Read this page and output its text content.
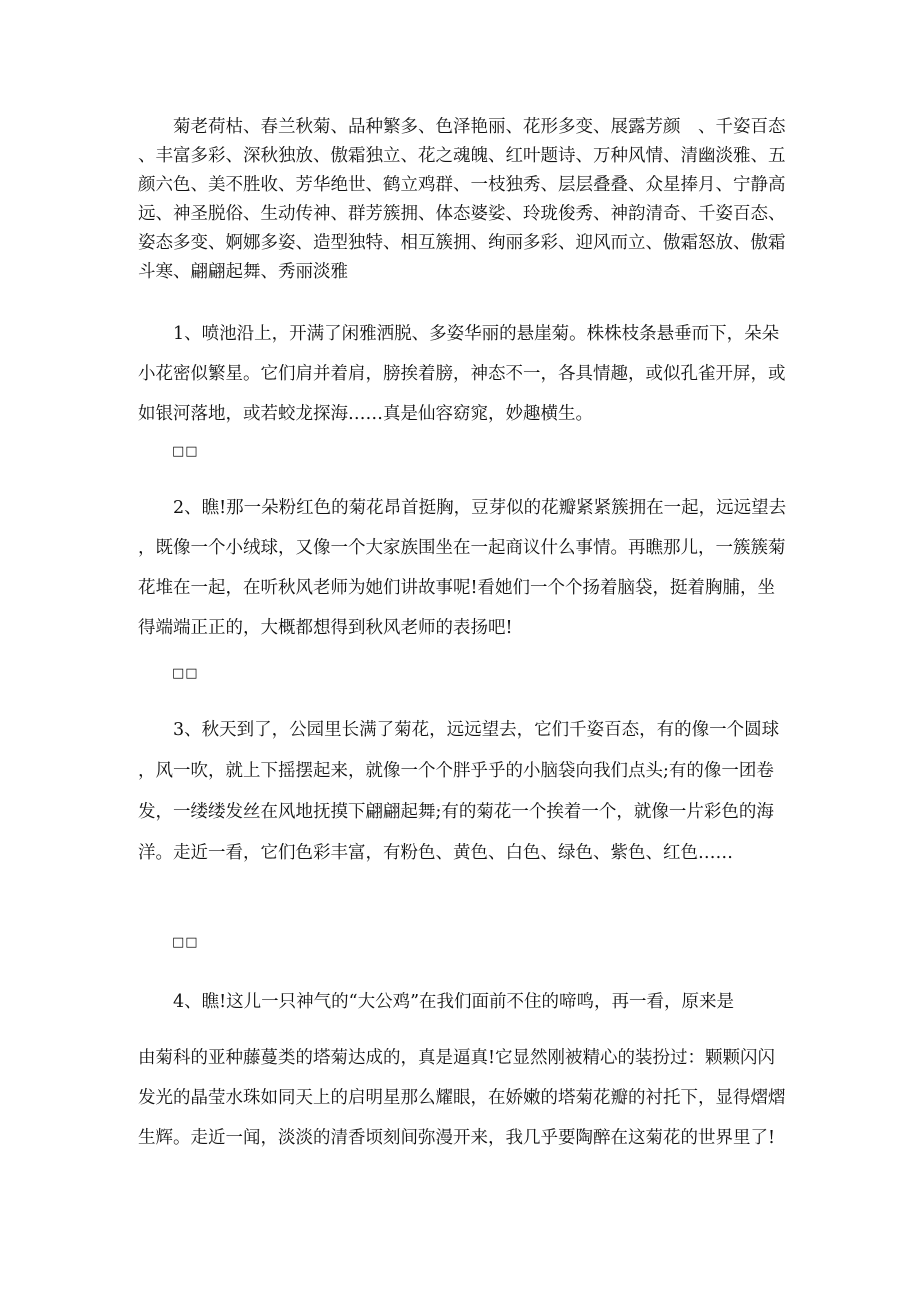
菊老荷枯、春兰秋菊、品种繁多、色泽艳丽、花形多变、展露芳颜　、千姿百态、丰富多彩、深秋独放、傲霜独立、花之魂魄、红叶题诗、万种风情、清幽淡雅、五颜六色、美不胜收、芳华绝世、鹤立鸡群、一枝独秀、层层叠叠、众星捧月、宁静高远、神圣脱俗、生动传神、群芳簇拥、体态婆娑、玲珑俊秀、神韵清奇、千姿百态、姿态多变、婀娜多姿、造型独特、相互簇拥、绚丽多彩、迎风而立、傲霜怒放、傲霜斗寒、翩翩起舞、秀丽淡雅

1、喷池沿上，开满了闲雅洒脱、多姿华丽的悬崖菊。株株枝条悬垂而下，朵朵小花密似繁星。它们肩并着肩，膀挨着膀，神态不一，各具情趣，或似孔雀开屏，或如银河落地，或若蛟龙探海……真是仙容窈窕，妙趣横生。

□□

2、瞧!那一朵粉红色的菊花昂首挺胸，豆芽似的花瓣紧紧簇拥在一起，远远望去，既像一个小绒球，又像一个大家族围坐在一起商议什么事情。再瞧那儿，一簇簇菊花堆在一起，在听秋风老师为她们讲故事呢!看她们一个个扬着脑袋，挺着胸脯，坐得端端正正的，大概都想得到秋风老师的表扬吧!

□□

3、秋天到了，公园里长满了菊花，远远望去，它们千姿百态，有的像一个圆球，风一吹，就上下摇摆起来，就像一个个胖乎乎的小脑袋向我们点头;有的像一团卷发，一缕缕发丝在风地抚摸下翩翩起舞;有的菊花一个挨着一个，就像一片彩色的海洋。走近一看，它们色彩丰富，有粉色、黄色、白色、绿色、紫色、红色……

□□

4、瞧!这儿一只神气的“大公鸡”在我们面前不住的啼鸣，再一看，原来是
由菊科的亚种藤蔓类的塔菊达成的，真是逼真!它显然刚被精心的装扮过：颗颗闪闪发光的晶莹水珠如同天上的启明星那么耀眼，在娇嫩的塔菊花瓣的衬托下，显得熠熠生辉。走近一闻，淡淡的清香顷刻间弥漫开来，我几乎要陶醉在这菊花的世界里了!
